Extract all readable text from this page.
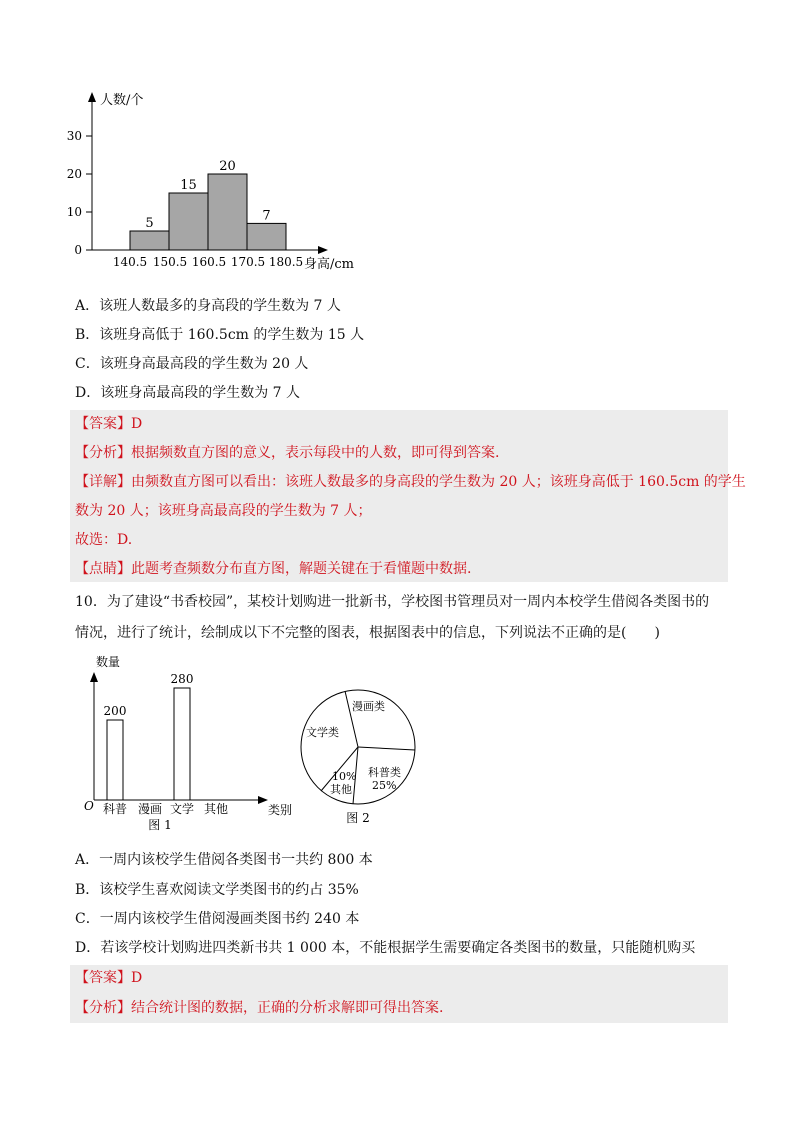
人数/个
身高/cm
0
10
20
30
5
15
20
7
140.5 150.5 160.5 170.5 180.5
A．该班人数最多的身高段的学生数为 7 人
B．该班身高低于 160.5cm 的学生数为 15 人
C．该班身高最高段的学生数为 20 人
D．该班身高最高段的学生数为 7 人
【答案】D
【分析】根据频数直方图的意义，表示每段中的人数，即可得到答案.
【详解】由频数直方图可以看出：该班人数最多的身高段的学生数为 20 人；该班身高低于 160.5cm 的学生
数为 20 人；该班身高最高段的学生数为 7 人；
故选：D.
【点睛】此题考查频数分布直方图，解题关键在于看懂题中数据.
10．为了建设“书香校园”，某校计划购进一批新书，学校图书管理员对一周内本校学生借阅各类图书的
情况，进行了统计，绘制成以下不完整的图表，根据图表中的信息，下列说法不正确的是(　　)
数量
O
200
280
科普 漫画 文学 其他	类别
图 1
文学类
漫画类
科普类
25%
10%
其他
图 2
A．一周内该校学生借阅各类图书一共约 800 本
B．该校学生喜欢阅读文学类图书的约占 35%
C．一周内该校学生借阅漫画类图书约 240 本
D．若该学校计划购进四类新书共 1 000 本，不能根据学生需要确定各类图书的数量，只能随机购买
【答案】D
【分析】结合统计图的数据，正确的分析求解即可得出答案.
